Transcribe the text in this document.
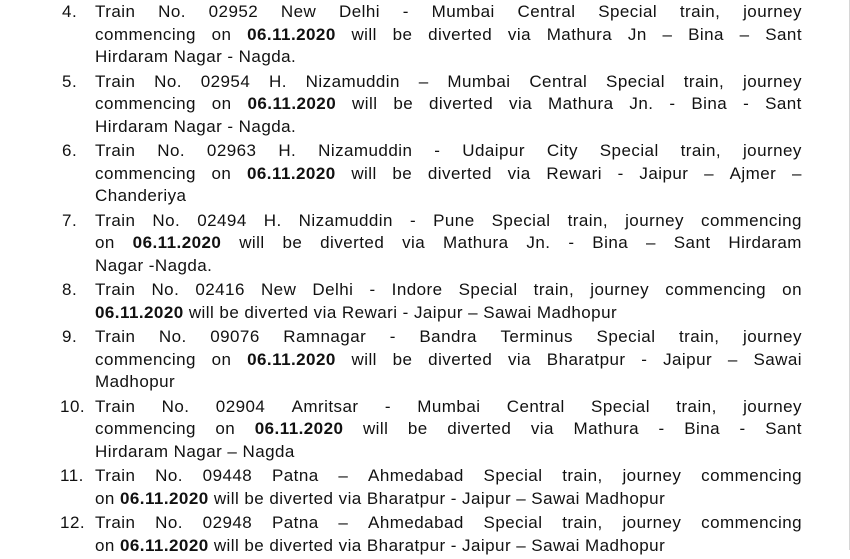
4. Train No. 02952 New Delhi - Mumbai Central Special train, journey
commencing on 06.11.2020 will be diverted via Mathura Jn – Bina – Sant
Hirdaram Nagar - Nagda.
5. Train No. 02954 H. Nizamuddin – Mumbai Central Special train, journey
commencing on 06.11.2020 will be diverted via Mathura Jn. - Bina - Sant
Hirdaram Nagar - Nagda.
6. Train No. 02963 H. Nizamuddin - Udaipur City Special train, journey
commencing on 06.11.2020 will be diverted via Rewari - Jaipur – Ajmer –
Chanderiya
7. Train No. 02494 H. Nizamuddin - Pune Special train, journey commencing
on 06.11.2020 will be diverted via Mathura Jn. - Bina – Sant Hirdaram
Nagar -Nagda.
8. Train No. 02416 New Delhi - Indore Special train, journey commencing on
06.11.2020 will be diverted via Rewari - Jaipur – Sawai Madhopur
9. Train No. 09076 Ramnagar - Bandra Terminus Special train, journey
commencing on 06.11.2020 will be diverted via Bharatpur - Jaipur – Sawai
Madhopur
10. Train No. 02904 Amritsar - Mumbai Central Special train, journey
commencing on 06.11.2020 will be diverted via Mathura - Bina - Sant
Hirdaram Nagar – Nagda
11. Train No. 09448 Patna – Ahmedabad Special train, journey commencing
on 06.11.2020 will be diverted via Bharatpur - Jaipur – Sawai Madhopur
12. Train No. 02948 Patna – Ahmedabad Special train, journey commencing
on 06.11.2020 will be diverted via Bharatpur - Jaipur – Sawai Madhopur
